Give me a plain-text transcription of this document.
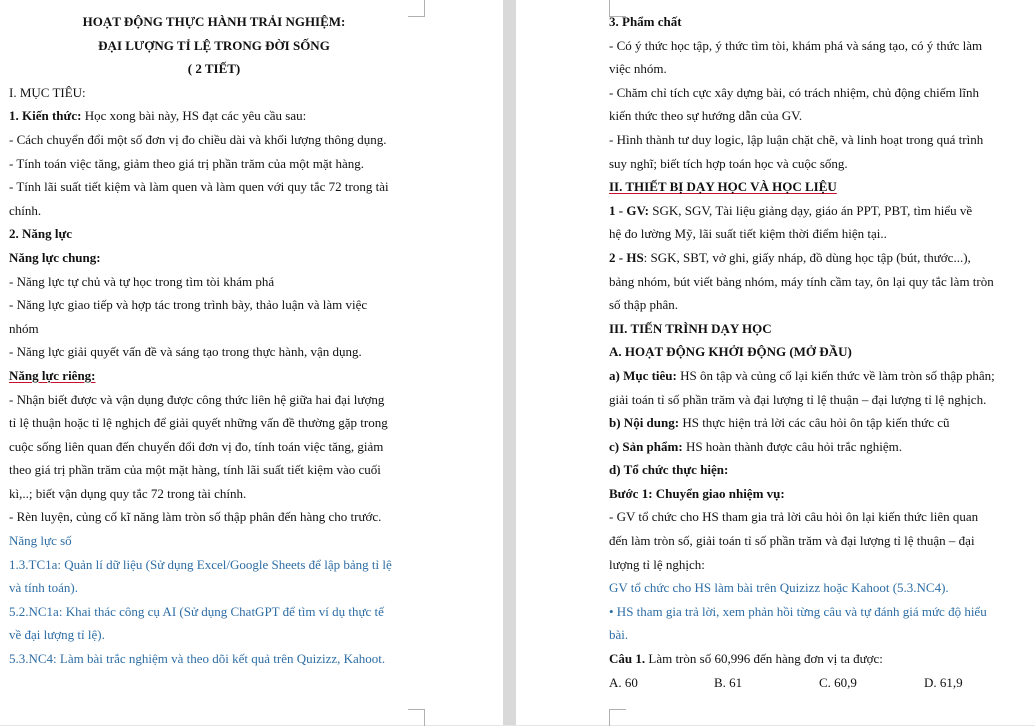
HOẠT ĐỘNG THỰC HÀNH TRẢI NGHIỆM:
ĐẠI LƯỢNG TỈ LỆ TRONG ĐỜI SỐNG
( 2 TIẾT)
I. MỤC TIÊU:
1. Kiến thức: Học xong bài này, HS đạt các yêu cầu sau:
- Cách chuyển đổi một số đơn vị đo chiều dài và khối lượng thông dụng.
- Tính toán việc tăng, giảm theo giá trị phần trăm của một mặt hàng.
- Tính lãi suất tiết kiệm và làm quen và làm quen với quy tắc 72 trong tài
chính.
2. Năng lực
Năng lực chung:
- Năng lực tự chủ và tự học trong tìm tòi khám phá
- Năng lực giao tiếp và hợp tác trong trình bày, thảo luận và làm việc
nhóm
- Năng lực giải quyết vấn đề và sáng tạo trong thực hành, vận dụng.
Năng lực riêng:
- Nhận biết được và vận dụng được công thức liên hệ giữa hai đại lượng
tỉ lệ thuận hoặc tỉ lệ nghịch để giải quyết những vấn đề thường gặp trong
cuộc sống liên quan đến chuyển đổi đơn vị đo, tính toán việc tăng, giảm
theo giá trị phần trăm của một mặt hàng, tính lãi suất tiết kiệm vào cuối
kì,..; biết vận dụng quy tắc 72 trong tài chính.
- Rèn luyện, củng cố kĩ năng làm tròn số thập phân đến hàng cho trước.
Năng lực số
1.3.TC1a: Quản lí dữ liệu (Sử dụng Excel/Google Sheets để lập bảng tỉ lệ
và tính toán).
5.2.NC1a: Khai thác công cụ AI (Sử dụng ChatGPT để tìm ví dụ thực tế
về đại lượng tỉ lệ).
5.3.NC4: Làm bài trắc nghiệm và theo dõi kết quả trên Quizizz, Kahoot.
3. Phẩm chất
- Có ý thức học tập, ý thức tìm tòi, khám phá và sáng tạo, có ý thức làm
việc nhóm.
- Chăm chỉ tích cực xây dựng bài, có trách nhiệm, chủ động chiếm lĩnh
kiến thức theo sự hướng dẫn của GV.
- Hình thành tư duy logic, lập luận chặt chẽ, và linh hoạt trong quá trình
suy nghĩ; biết tích hợp toán học và cuộc sống.
II. THIẾT BỊ DẠY HỌC VÀ HỌC LIỆU
1 - GV: SGK, SGV, Tài liệu giảng dạy, giáo án PPT, PBT, tìm hiểu về
hệ đo lường Mỹ, lãi suất tiết kiệm thời điểm hiện tại..
2 - HS: SGK, SBT, vở ghi, giấy nháp, đồ dùng học tập (bút, thước...),
bảng nhóm, bút viết bảng nhóm, máy tính cầm tay, ôn lại quy tắc làm tròn
số thập phân.
III. TIẾN TRÌNH DẠY HỌC
A. HOẠT ĐỘNG KHỞI ĐỘNG (MỞ ĐẦU)
a) Mục tiêu: HS ôn tập và củng cố lại kiến thức về làm tròn số thập phân;
giải toán tỉ số phần trăm và đại lượng tỉ lệ thuận – đại lượng tỉ lệ nghịch.
b) Nội dung: HS thực hiện trả lời các câu hỏi ôn tập kiến thức cũ
c) Sản phẩm: HS hoàn thành được câu hỏi trắc nghiệm.
d) Tổ chức thực hiện:
Bước 1: Chuyển giao nhiệm vụ:
- GV tổ chức cho HS tham gia trả lời câu hỏi ôn lại kiến thức liên quan
đến làm tròn số, giải toán tỉ số phần trăm và đại lượng tỉ lệ thuận – đại
lượng tỉ lệ nghịch:
GV tổ chức cho HS làm bài trên Quizizz hoặc Kahoot (5.3.NC4).
• HS tham gia trả lời, xem phản hồi từng câu và tự đánh giá mức độ hiểu
bài.
Câu 1. Làm tròn số 60,996 đến hàng đơn vị ta được:
A. 60	B. 61	C. 60,9	D. 61,9
